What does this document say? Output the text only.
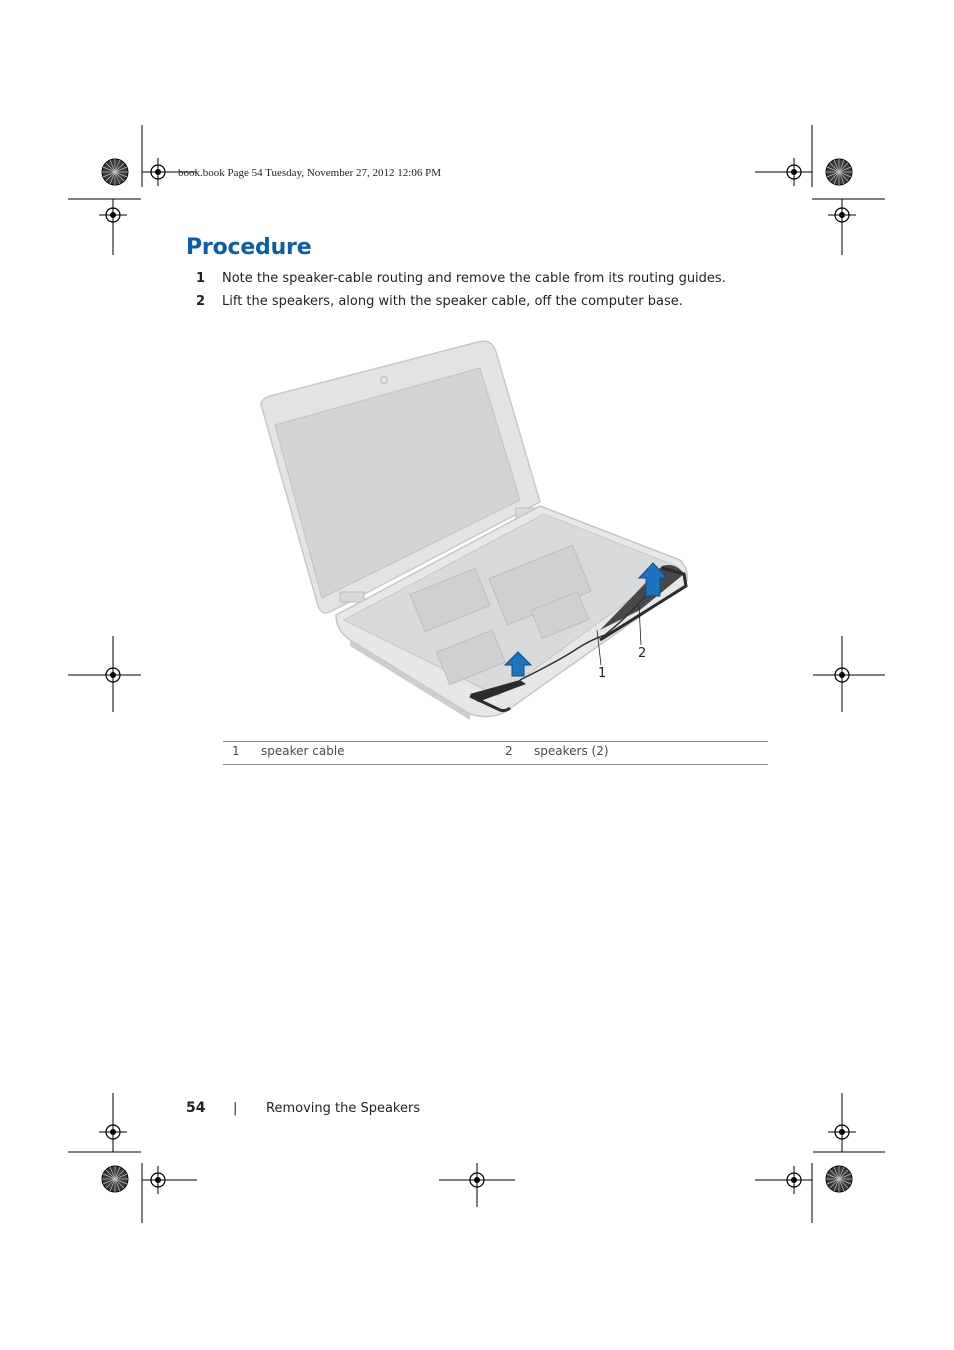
book.book Page 54 Tuesday, November 27, 2012 12:06 PM
Procedure
1 Note the speaker-cable routing and remove the cable from its routing guides.
2 Lift the speakers, along with the speaker cable, off the computer base.
1
2
1 speaker cable	2 speakers (2)
54 | Removing the Speakers
